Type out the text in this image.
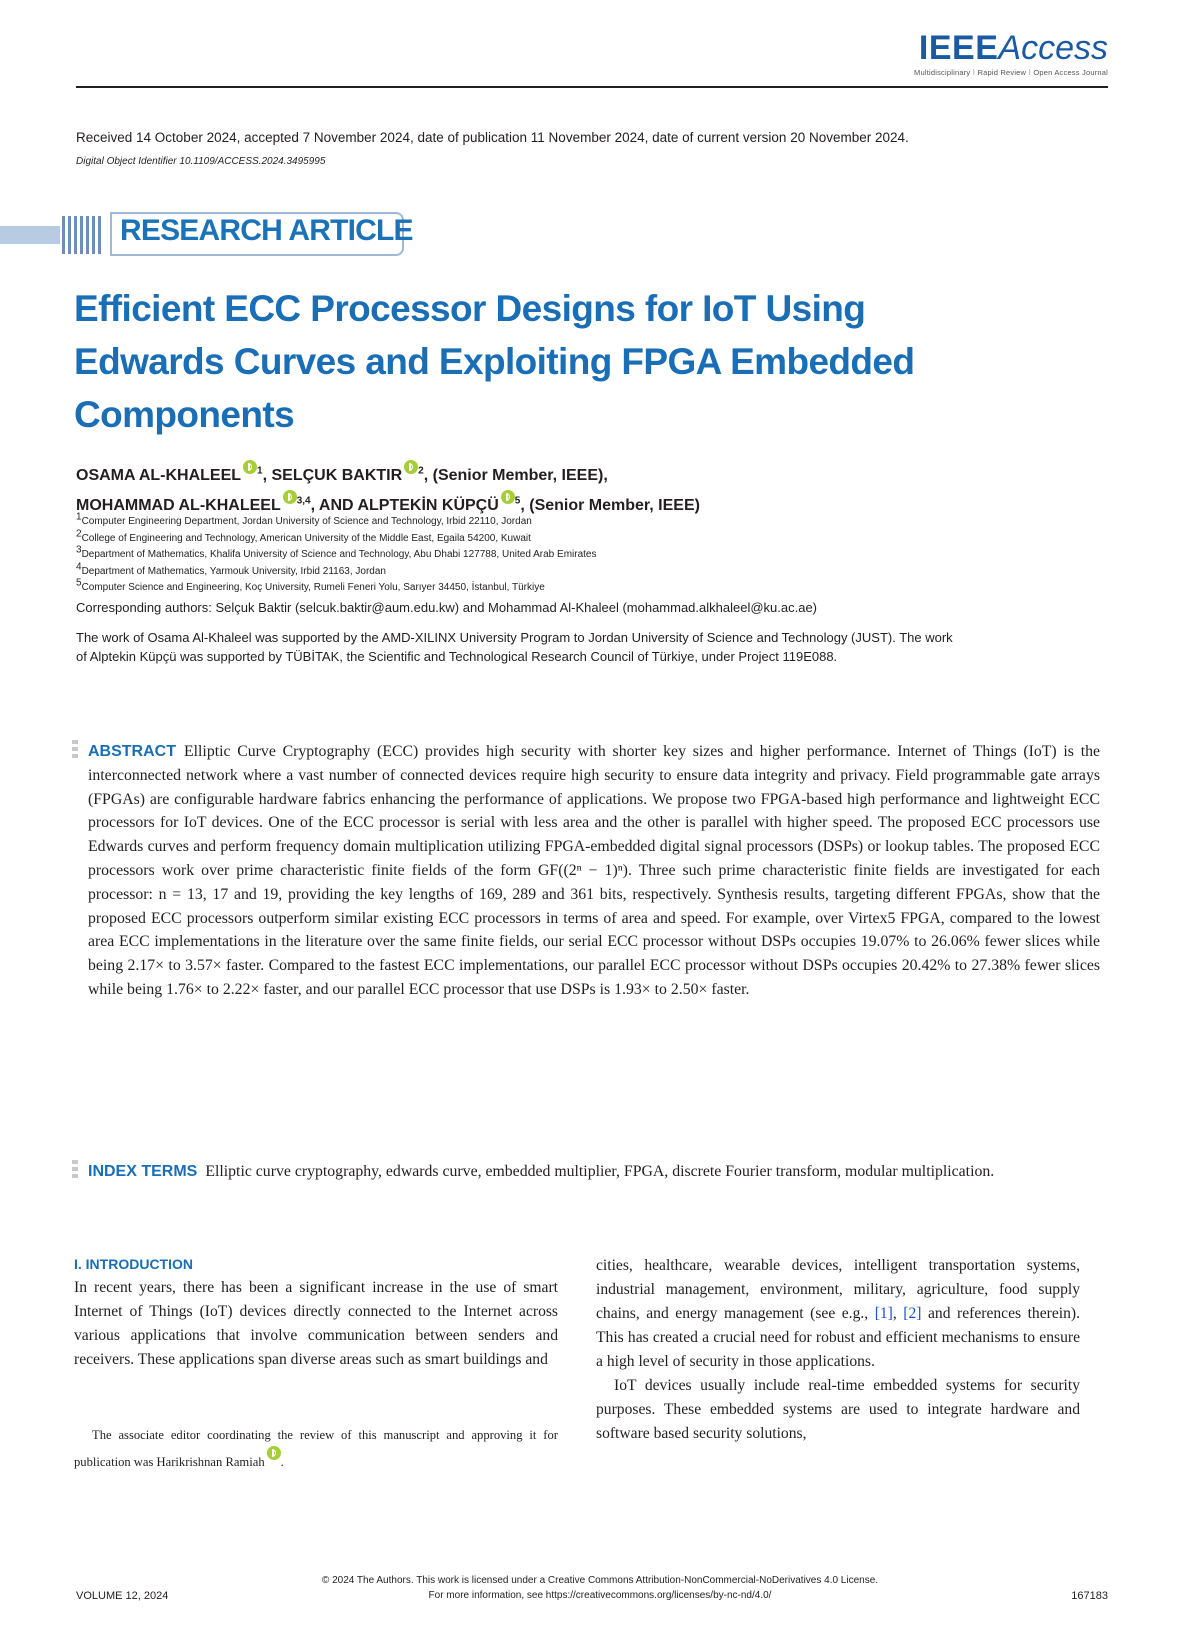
IEEEAccess
Multidisciplinary ⁝ Rapid Review ⁝ Open Access Journal
Received 14 October 2024, accepted 7 November 2024, date of publication 11 November 2024, date of current version 20 November 2024.
Digital Object Identifier 10.1109/ACCESS.2024.3495995
RESEARCH ARTICLE
Efficient ECC Processor Designs for IoT Using Edwards Curves and Exploiting FPGA Embedded Components
OSAMA AL-KHALEEL $^1$, SELÇUK BAKTIR $^2$, (Senior Member, IEEE),
MOHAMMAD AL-KHALEEL $^{3,4}$, AND ALPTEKİN KÜPÇÜ $^5$, (Senior Member, IEEE)
$^1$Computer Engineering Department, Jordan University of Science and Technology, Irbid 22110, Jordan
$^2$College of Engineering and Technology, American University of the Middle East, Egaila 54200, Kuwait
$^3$Department of Mathematics, Khalifa University of Science and Technology, Abu Dhabi 127788, United Arab Emirates
$^4$Department of Mathematics, Yarmouk University, Irbid 21163, Jordan
$^5$Computer Science and Engineering, Koç University, Rumeli Feneri Yolu, Sarıyer 34450, İstanbul, Türkiye
Corresponding authors: Selçuk Baktir (selcuk.baktir@aum.edu.kw) and Mohammad Al-Khaleel (mohammad.alkhaleel@ku.ac.ae)
The work of Osama Al-Khaleel was supported by the AMD-XILINX University Program to Jordan University of Science and Technology (JUST). The work of Alptekin Küpçü was supported by TÜBİTAK, the Scientific and Technological Research Council of Türkiye, under Project 119E088.
ABSTRACT Elliptic Curve Cryptography (ECC) provides high security with shorter key sizes and higher performance. Internet of Things (IoT) is the interconnected network where a vast number of connected devices require high security to ensure data integrity and privacy. Field programmable gate arrays (FPGAs) are configurable hardware fabrics enhancing the performance of applications. We propose two FPGA-based high performance and lightweight ECC processors for IoT devices. One of the ECC processor is serial with less area and the other is parallel with higher speed. The proposed ECC processors use Edwards curves and perform frequency domain multiplication utilizing FPGA-embedded digital signal processors (DSPs) or lookup tables. The proposed ECC processors work over prime characteristic finite fields of the form GF((2ⁿ − 1)ⁿ). Three such prime characteristic finite fields are investigated for each processor: n = 13, 17 and 19, providing the key lengths of 169, 289 and 361 bits, respectively. Synthesis results, targeting different FPGAs, show that the proposed ECC processors outperform similar existing ECC processors in terms of area and speed. For example, over Virtex5 FPGA, compared to the lowest area ECC implementations in the literature over the same finite fields, our serial ECC processor without DSPs occupies 19.07% to 26.06% fewer slices while being 2.17× to 3.57× faster. Compared to the fastest ECC implementations, our parallel ECC processor without DSPs occupies 20.42% to 27.38% fewer slices while being 1.76× to 2.22× faster, and our parallel ECC processor that use DSPs is 1.93× to 2.50× faster.
INDEX TERMS Elliptic curve cryptography, edwards curve, embedded multiplier, FPGA, discrete Fourier transform, modular multiplication.
I. INTRODUCTION
In recent years, there has been a significant increase in the use of smart Internet of Things (IoT) devices directly connected to the Internet across various applications that involve communication between senders and receivers. These applications span diverse areas such as smart buildings and
The associate editor coordinating the review of this manuscript and approving it for publication was Harikrishnan Ramiah .
cities, healthcare, wearable devices, intelligent transportation systems, industrial management, environment, military, agriculture, food supply chains, and energy management (see e.g., [1], [2] and references therein). This has created a crucial need for robust and efficient mechanisms to ensure a high level of security in those applications.
IoT devices usually include real-time embedded systems for security purposes. These embedded systems are used to integrate hardware and software based security solutions,
© 2024 The Authors. This work is licensed under a Creative Commons Attribution-NonCommercial-NoDerivatives 4.0 License.
For more information, see https://creativecommons.org/licenses/by-nc-nd/4.0/
VOLUME 12, 2024	167183
